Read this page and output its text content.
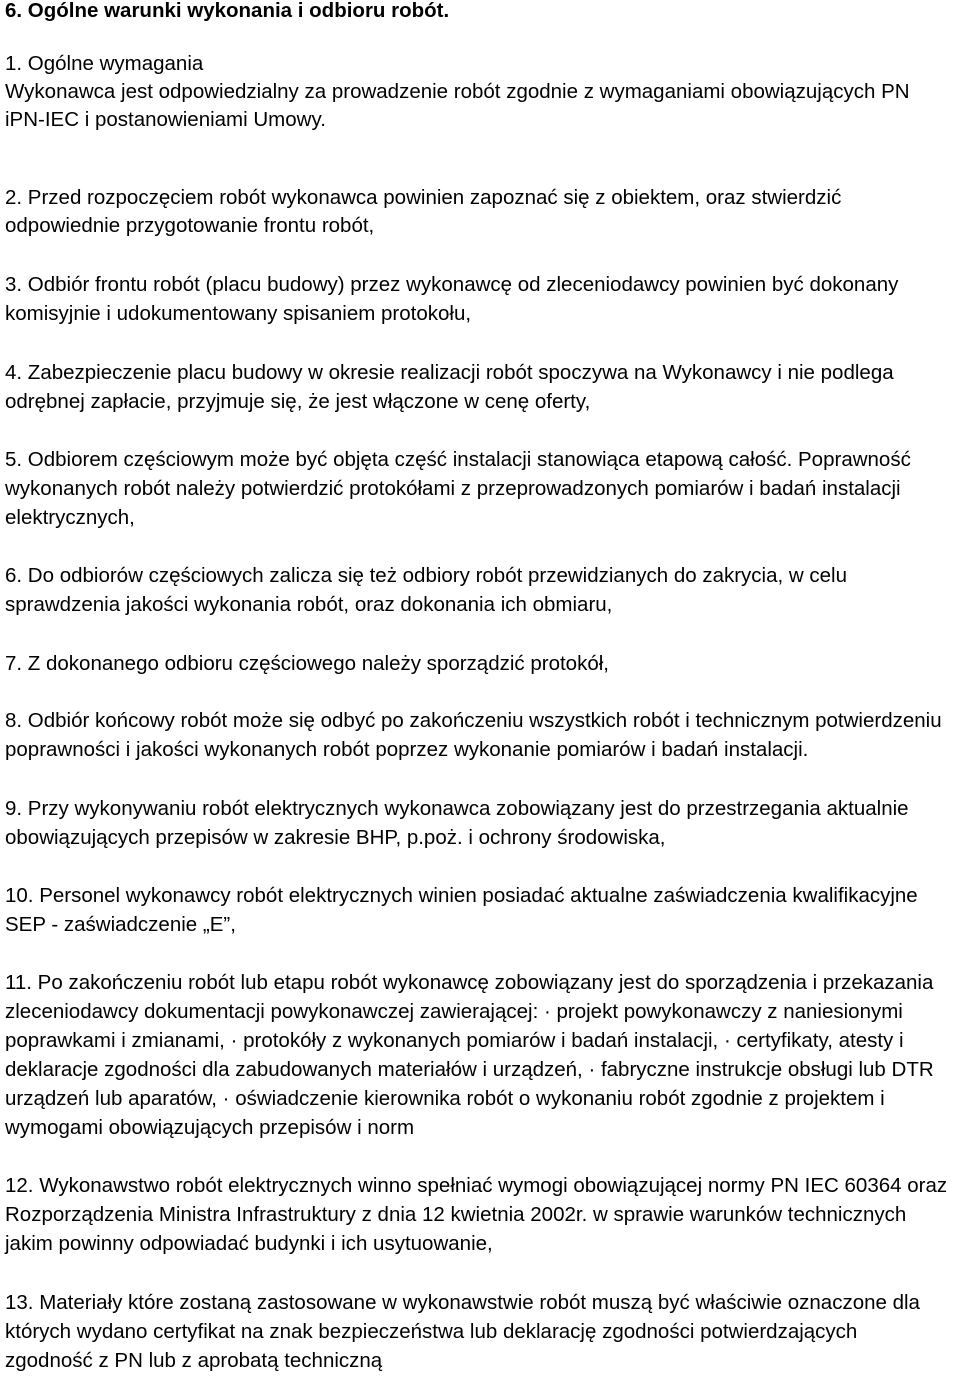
6. Ogólne warunki wykonania i odbioru robót.
1. Ogólne wymagania
Wykonawca jest odpowiedzialny za prowadzenie robót zgodnie z wymaganiami obowiązujących PN
iPN-IEC i postanowieniami Umowy.
2. Przed rozpoczęciem robót wykonawca powinien zapoznać się z obiektem, oraz stwierdzić
odpowiednie przygotowanie frontu robót,
3. Odbiór frontu robót (placu budowy) przez wykonawcę od zleceniodawcy powinien być dokonany
komisyjnie i udokumentowany spisaniem protokołu,
4. Zabezpieczenie placu budowy w okresie realizacji robót spoczywa na Wykonawcy i nie podlega
odrębnej zapłacie, przyjmuje się, że jest włączone w cenę oferty,
5. Odbiorem częściowym może być objęta część instalacji stanowiąca etapową całość. Poprawność
wykonanych robót należy potwierdzić protokółami z przeprowadzonych pomiarów i badań instalacji
elektrycznych,
6. Do odbiorów częściowych zalicza się też odbiory robót przewidzianych do zakrycia, w celu
sprawdzenia jakości wykonania robót, oraz dokonania ich obmiaru,
7. Z dokonanego odbioru częściowego należy sporządzić protokół,
8. Odbiór końcowy robót może się odbyć po zakończeniu wszystkich robót i technicznym potwierdzeniu
poprawności i jakości wykonanych robót poprzez wykonanie pomiarów i badań instalacji.
9. Przy wykonywaniu robót elektrycznych wykonawca zobowiązany jest do przestrzegania aktualnie
obowiązujących przepisów w zakresie BHP, p.poż. i ochrony środowiska,
10. Personel wykonawcy robót elektrycznych winien posiadać aktualne zaświadczenia kwalifikacyjne
SEP - zaświadczenie „E”,
11. Po zakończeniu robót lub etapu robót wykonawcę zobowiązany jest do sporządzenia i przekazania
zleceniodawcy dokumentacji powykonawczej zawierającej: · projekt powykonawczy z naniesionymi
poprawkami i zmianami, · protokóły z wykonanych pomiarów i badań instalacji, · certyfikaty, atesty i
deklaracje zgodności dla zabudowanych materiałów i urządzeń, · fabryczne instrukcje obsługi lub DTR
urządzeń lub aparatów, · oświadczenie kierownika robót o wykonaniu robót zgodnie z projektem i
wymogami obowiązujących przepisów i norm
12. Wykonawstwo robót elektrycznych winno spełniać wymogi obowiązującej normy PN IEC 60364 oraz
Rozporządzenia Ministra Infrastruktury z dnia 12 kwietnia 2002r. w sprawie warunków technicznych
jakim powinny odpowiadać budynki i ich usytuowanie,
13. Materiały które zostaną zastosowane w wykonawstwie robót muszą być właściwie oznaczone dla
których wydano certyfikat na znak bezpieczeństwa lub deklarację zgodności potwierdzających
zgodność z PN lub z aprobatą techniczną
